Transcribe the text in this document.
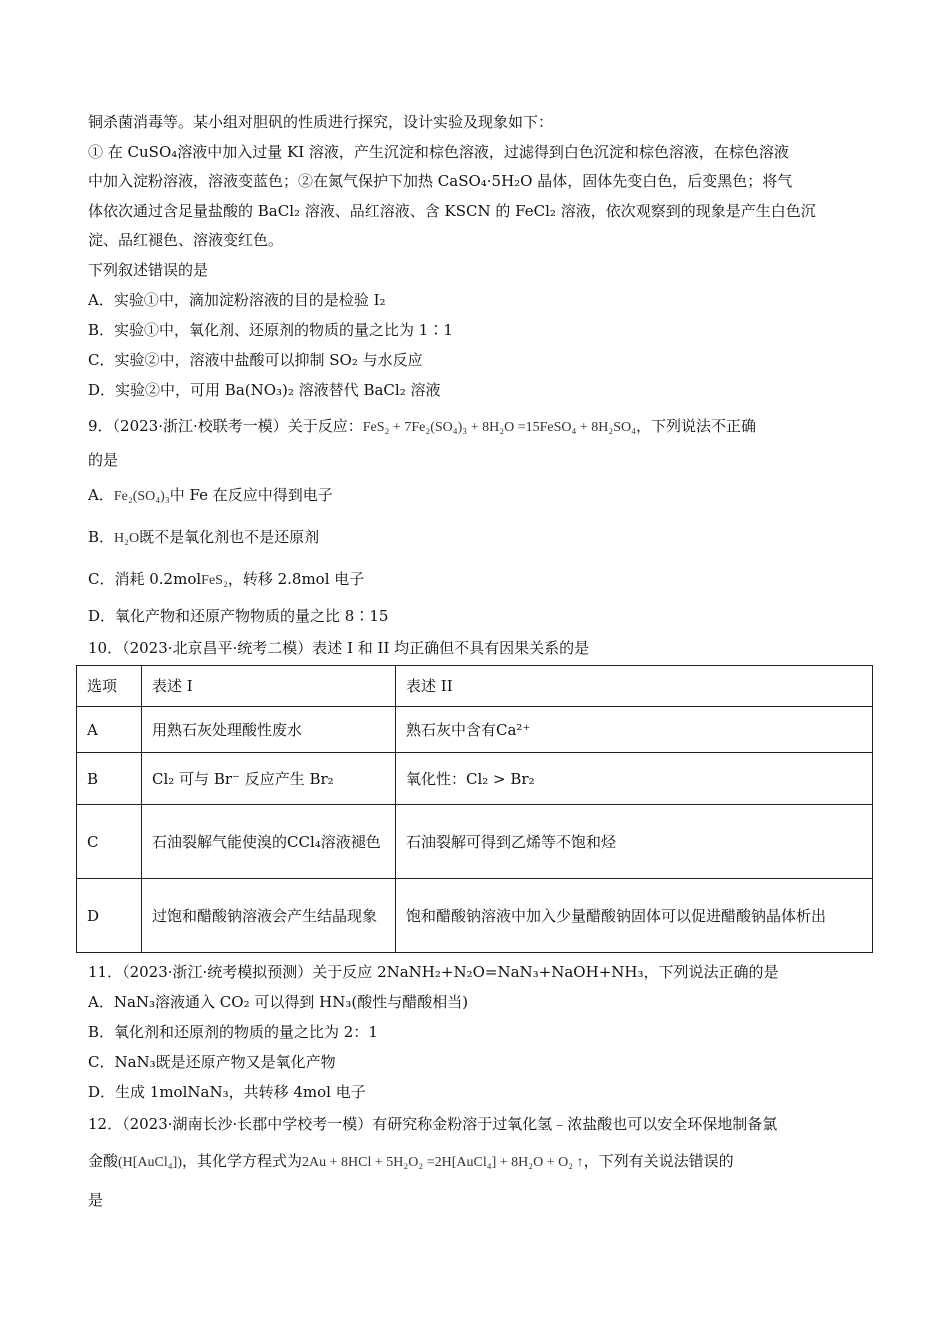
铜杀菌消毒等。某小组对胆矾的性质进行探究，设计实验及现象如下：
① 在 CuSO₄溶液中加入过量 KI 溶液，产生沉淀和棕色溶液，过滤得到白色沉淀和棕色溶液，在棕色溶液
中加入淀粉溶液，溶液变蓝色；②在氮气保护下加热 CaSO₄·5H₂O 晶体，固体先变白色，后变黑色；将气
体依次通过含足量盐酸的 BaCl₂ 溶液、品红溶液、含 KSCN 的 FeCl₂ 溶液，依次观察到的现象是产生白色沉
淀、品红褪色、溶液变红色。
下列叙述错误的是
A．实验①中，滴加淀粉溶液的目的是检验 I₂
B．实验①中，氧化剂、还原剂的物质的量之比为 1∶1
C．实验②中，溶液中盐酸可以抑制 SO₂ 与水反应
D．实验②中，可用 Ba(NO₃)₂ 溶液替代 BaCl₂ 溶液
9．（2023·浙江·校联考一模）关于反应：FeS₂ + 7Fe₂(SO₄)₃ + 8H₂O =15FeSO₄ + 8H₂SO₄，下列说法不正确
的是
A．Fe₂(SO₄)₃中 Fe 在反应中得到电子
B．H₂O既不是氧化剂也不是还原剂
C．消耗 0.2molFeS₂，转移 2.8mol 电子
D．氧化产物和还原产物物质的量之比 8∶15
10．（2023·北京昌平·统考二模）表述 I 和 II 均正确但不具有因果关系的是
选项	表述 I	表述 II
A	用熟石灰处理酸性废水	熟石灰中含有Ca²⁺
B	Cl₂ 可与 Br⁻ 反应产生 Br₂	氧化性：Cl₂ > Br₂
C	石油裂解气能使溴的CCl₄溶液褪色	石油裂解可得到乙烯等不饱和烃
D	过饱和醋酸钠溶液会产生结晶现象	饱和醋酸钠溶液中加入少量醋酸钠固体可以促进醋酸钠晶体析出
11．（2023·浙江·统考模拟预测）关于反应 2NaNH₂+N₂O=NaN₃+NaOH+NH₃，下列说法正确的是
A．NaN₃溶液通入 CO₂ 可以得到 HN₃(酸性与醋酸相当)
B．氧化剂和还原剂的物质的量之比为 2：1
C．NaN₃既是还原产物又是氧化产物
D．生成 1molNaN₃，共转移 4mol 电子
12．（2023·湖南长沙·长郡中学校考一模）有研究称金粉溶于过氧化氢﹣浓盐酸也可以安全环保地制备氯
金酸(H[AuCl₄])，其化学方程式为2Au + 8HCl + 5H₂O₂ =2H[AuCl₄] + 8H₂O + O₂ ↑，下列有关说法错误的
是
